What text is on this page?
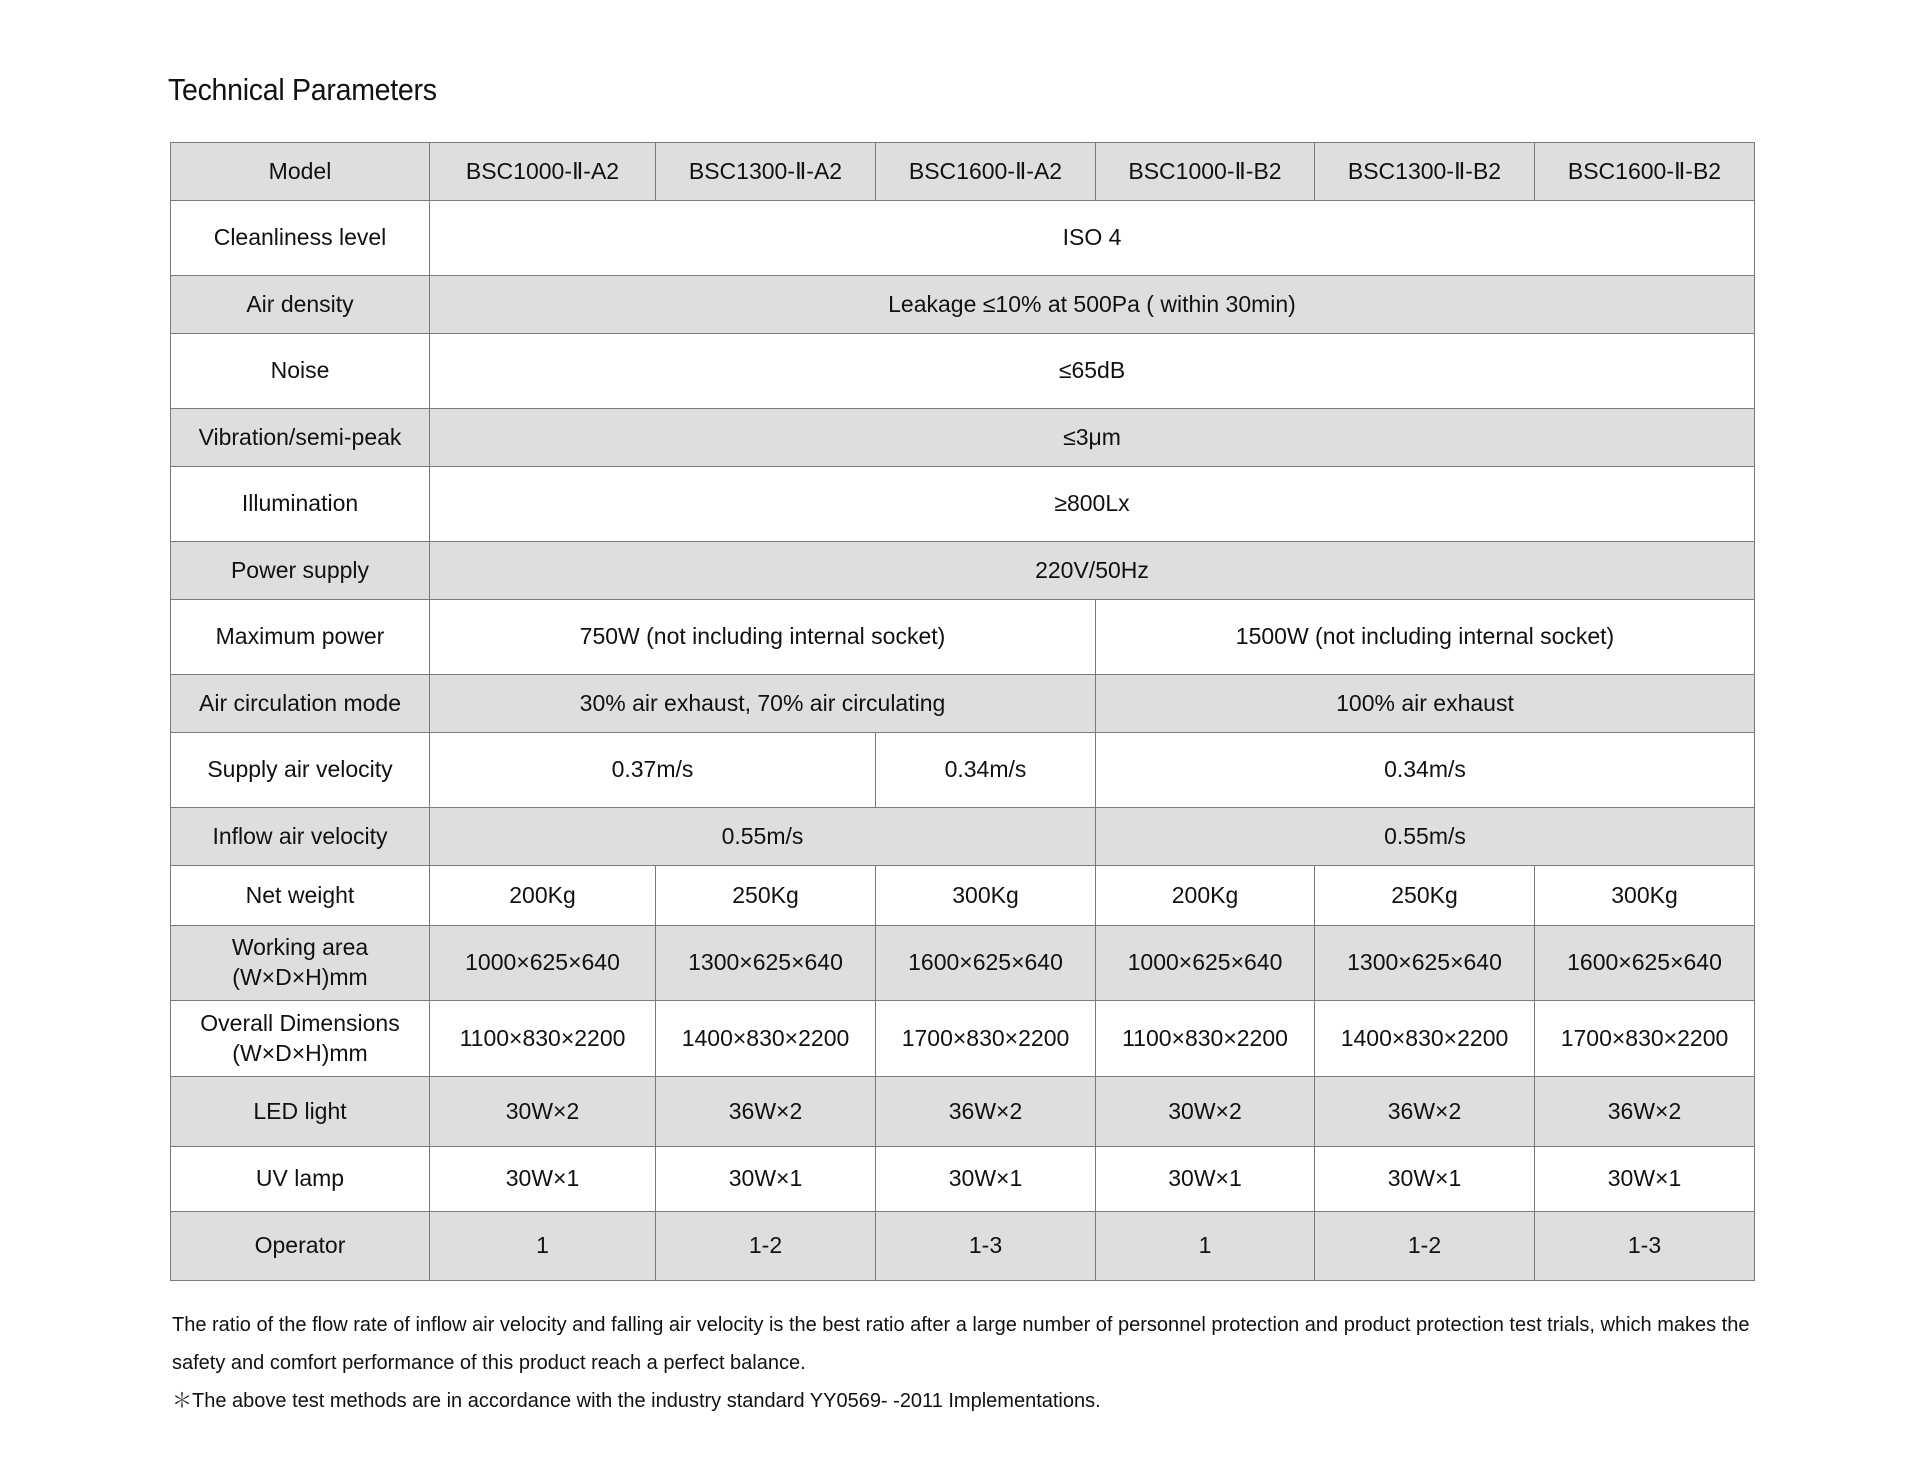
Technical Parameters
Model	BSC1000-Ⅱ-A2	BSC1300-Ⅱ-A2	BSC1600-Ⅱ-A2	BSC1000-Ⅱ-B2	BSC1300-Ⅱ-B2	BSC1600-Ⅱ-B2
Cleanliness level	ISO 4					
Air density	Leakage ≤10% at 500Pa ( within 30min)					
Noise	≤65dB					
Vibration/semi-peak	≤3μm					
Illumination	≥800Lx					
Power supply	220V/50Hz					
Maximum power	750W (not including internal socket)			1500W (not including internal socket)		
Air circulation mode	30% air exhaust, 70% air circulating			100% air exhaust		
Supply air velocity	0.37m/s		0.34m/s	0.34m/s		
Inflow air velocity	0.55m/s			0.55m/s		
Net weight	200Kg	250Kg	300Kg	200Kg	250Kg	300Kg

Working area
(W×D×H)mm	1000×625×640	1300×625×640	1600×625×640	1000×625×640	1300×625×640	1600×625×640

Overall Dimensions
(W×D×H)mm	1100×830×2200	1400×830×2200	1700×830×2200	1100×830×2200	1400×830×2200	1700×830×2200
LED light	30W×2	36W×2	36W×2	30W×2	36W×2	36W×2
UV lamp	30W×1	30W×1	30W×1	30W×1	30W×1	30W×1
Operator	1	1-2	1-3	1	1-2	1-3

The ratio of the flow rate of inflow air velocity and falling air velocity is the best ratio after a large number of personnel protection and product protection test trials, which makes the safety and comfort performance of this product reach a perfect balance.

＊The above test methods are in accordance with the industry standard YY0569- -2011 Implementations.
